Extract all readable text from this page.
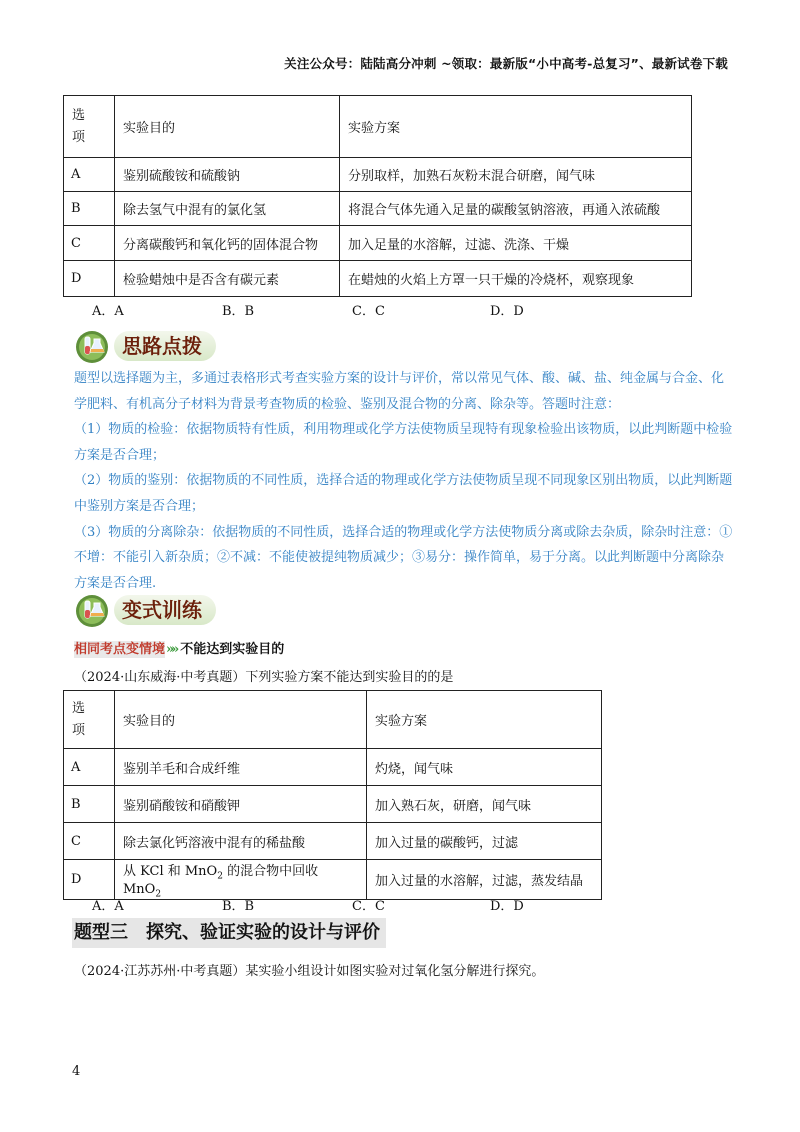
关注公众号：陆陆高分冲刺 ~领取：最新版“小中高考-总复习”、最新试卷下载
选
项	实验目的	实验方案
A	鉴别硫酸铵和硫酸钠	分别取样，加熟石灰粉末混合研磨，闻气味
B	除去氢气中混有的氯化氢	将混合气体先通入足量的碳酸氢钠溶液，再通入浓硫酸
C	分离碳酸钙和氧化钙的固体混合物	加入足量的水溶解，过滤、洗涤、干燥
D	检验蜡烛中是否含有碳元素	在蜡烛的火焰上方罩一只干燥的冷烧杯，观察现象
A．A	B．B	C．C	D．D
思路点拨

题型以选择题为主，多通过表格形式考查实验方案的设计与评价，常以常见气体、酸、碱、盐、纯金属与合金、化学肥料、有机高分子材料为背景考查物质的检验、鉴别及混合物的分离、除杂等。答题时注意：

（1）物质的检验：依据物质特有性质，利用物理或化学方法使物质呈现特有现象检验出该物质，以此判断题中检验方案是否合理；

（2）物质的鉴别：依据物质的不同性质，选择合适的物理或化学方法使物质呈现不同现象区别出物质，以此判断题中鉴别方案是否合理；

（3）物质的分离除杂：依据物质的不同性质，选择合适的物理或化学方法使物质分离或除去杂质，除杂时注意：①不增：不能引入新杂质；②不减：不能使被提纯物质减少；③易分：操作简单，易于分离。以此判断题中分离除杂方案是否合理.

变式训练
相同考点变情境»» 不能达到实验目的
（2024·山东威海·中考真题）下列实验方案不能达到实验目的的是
选
项	实验目的	实验方案
A	鉴别羊毛和合成纤维	灼烧，闻气味
B	鉴别硝酸铵和硝酸钾	加入熟石灰，研磨，闻气味
C	除去氯化钙溶液中混有的稀盐酸	加入过量的碳酸钙，过滤
D	从 KCl 和 MnO$_2$ 的混合物中回收 MnO$_2$	加入过量的水溶解，过滤，蒸发结晶
A．A	B．B	C．C	D．D
题型三　探究、验证实验的设计与评价
（2024·江苏苏州·中考真题）某实验小组设计如图实验对过氧化氢分解进行探究。
4
